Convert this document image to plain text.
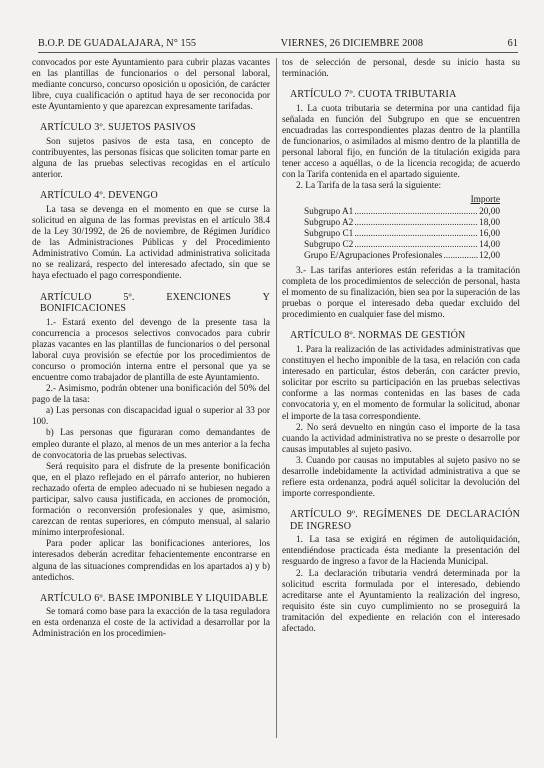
B.O.P. DE GUADALAJARA, N° 155	VIERNES, 26 DICIEMBRE 2008	61

convocados por este Ayuntamiento para cubrir plazas vacantes en las plantillas de funcionarios o del personal laboral, mediante concurso, concurso oposición u oposición, de carácter libre, cuya cualificación o aptitud haya de ser reconocida por este Ayuntamiento y que aparezcan expresamente tarifadas.

ARTÍCULO 3º. SUJETOS PASIVOS

Son sujetos pasivos de esta tasa, en concepto de contribuyentes, las personas físicas que soliciten tomar parte en alguna de las pruebas selectivas recogidas en el artículo anterior.

ARTÍCULO 4º. DEVENGO

La tasa se devenga en el momento en que se curse la solicitud en alguna de las formas previstas en el artículo 38.4 de la Ley 30/1992, de 26 de noviembre, de Régimen Jurídico de las Administraciones Públicas y del Procedimiento Administrativo Común. La actividad administrativa solicitada no se realizará, respecto del interesado afectado, sin que se haya efectuado el pago correspondiente.

ARTÍCULO 5º. EXENCIONES Y BONIFICACIONES

1.- Estará exento del devengo de la presente tasa la concurrencia a procesos selectivos convocados para cubrir plazas vacantes en las plantillas de funcionarios o del personal laboral cuya provisión se efectúe por los procedimientos de concurso o promoción interna entre el personal que ya se encuentre como trabajador de plantilla de este Ayuntamiento.

2.- Asimismo, podrán obtener una bonificación del 50% del pago de la tasa:

a) Las personas con discapacidad igual o superior al 33 por 100.

b) Las personas que figuraran como demandantes de empleo durante el plazo, al menos de un mes anterior a la fecha de convocatoria de las pruebas selectivas.

Será requisito para el disfrute de la presente bonificación que, en el plazo reflejado en el párrafo anterior, no hubieren rechazado oferta de empleo adecuado ni se hubiesen negado a participar, salvo causa justificada, en acciones de promoción, formación o reconversión profesionales y que, asimismo, carezcan de rentas superiores, en cómputo mensual, al salario mínimo interprofesional.

Para poder aplicar las bonificaciones anteriores, los interesados deberán acreditar fehacientemente encontrarse en alguna de las situaciones comprendidas en los apartados a) y b) antedichos.

ARTÍCULO 6º. BASE IMPONIBLE Y LIQUIDABLE

Se tomará como base para la exacción de la tasa reguladora en esta ordenanza el coste de la actividad a desarrollar por la Administración en los procedimien-

tos de selección de personal, desde su inicio hasta su terminación.

ARTÍCULO 7º. CUOTA TRIBUTARIA

1. La cuota tributaria se determina por una cantidad fija señalada en función del Subgrupo en que se encuentren encuadradas las correspondientes plazas dentro de la plantilla de funcionarios, o asimilados al mismo dentro de la plantilla de personal laboral fijo, en función de la titulación exigida para tener acceso a aquéllas, o de la licencia recogida; de acuerdo con la Tarifa contenida en el apartado siguiente.

2. La Tarifa de la tasa será la siguiente:

Importe
Subgrupo A1 .....	20,00
Subgrupo A2 .....	18,00
Subgrupo C1 .....	16,00
Subgrupo C2 .....	14,00
Grupo E/Agrupaciones Profesionales .....	12,00

3.- Las tarifas anteriores están referidas a la tramitación completa de los procedimientos de selección de personal, hasta el momento de su finalización, bien sea por la superación de las pruebas o porque el interesado deba quedar excluido del procedimiento en cualquier fase del mismo.

ARTÍCULO 8º. NORMAS DE GESTIÓN

1. Para la realización de las actividades administrativas que constituyen el hecho imponible de la tasa, en relación con cada interesado en particular, éstos deberán, con carácter previo, solicitar por escrito su participación en las pruebas selectivas conforme a las normas contenidas en las bases de cada convocatoria y, en el momento de formular la solicitud, abonar el importe de la tasa correspondiente.

2. No será devuelto en ningún caso el importe de la tasa cuando la actividad administrativa no se preste o desarrolle por causas imputables al sujeto pasivo.

3. Cuando por causas no imputables al sujeto pasivo no se desarrolle indebidamente la actividad administrativa a que se refiere esta ordenanza, podrá aquél solicitar la devolución del importe correspondiente.

ARTÍCULO 9º. REGÍMENES DE DECLARACIÓN DE INGRESO

1. La tasa se exigirá en régimen de autoliquidación, entendiéndose practicada ésta mediante la presentación del resguardo de ingreso a favor de la Hacienda Municipal.

2. La declaración tributaria vendrá determinada por la solicitud escrita formulada por el interesado, debiendo acreditarse ante el Ayuntamiento la realización del ingreso, requisito éste sin cuyo cumplimiento no se proseguirá la tramitación del expediente en relación con el interesado afectado.
